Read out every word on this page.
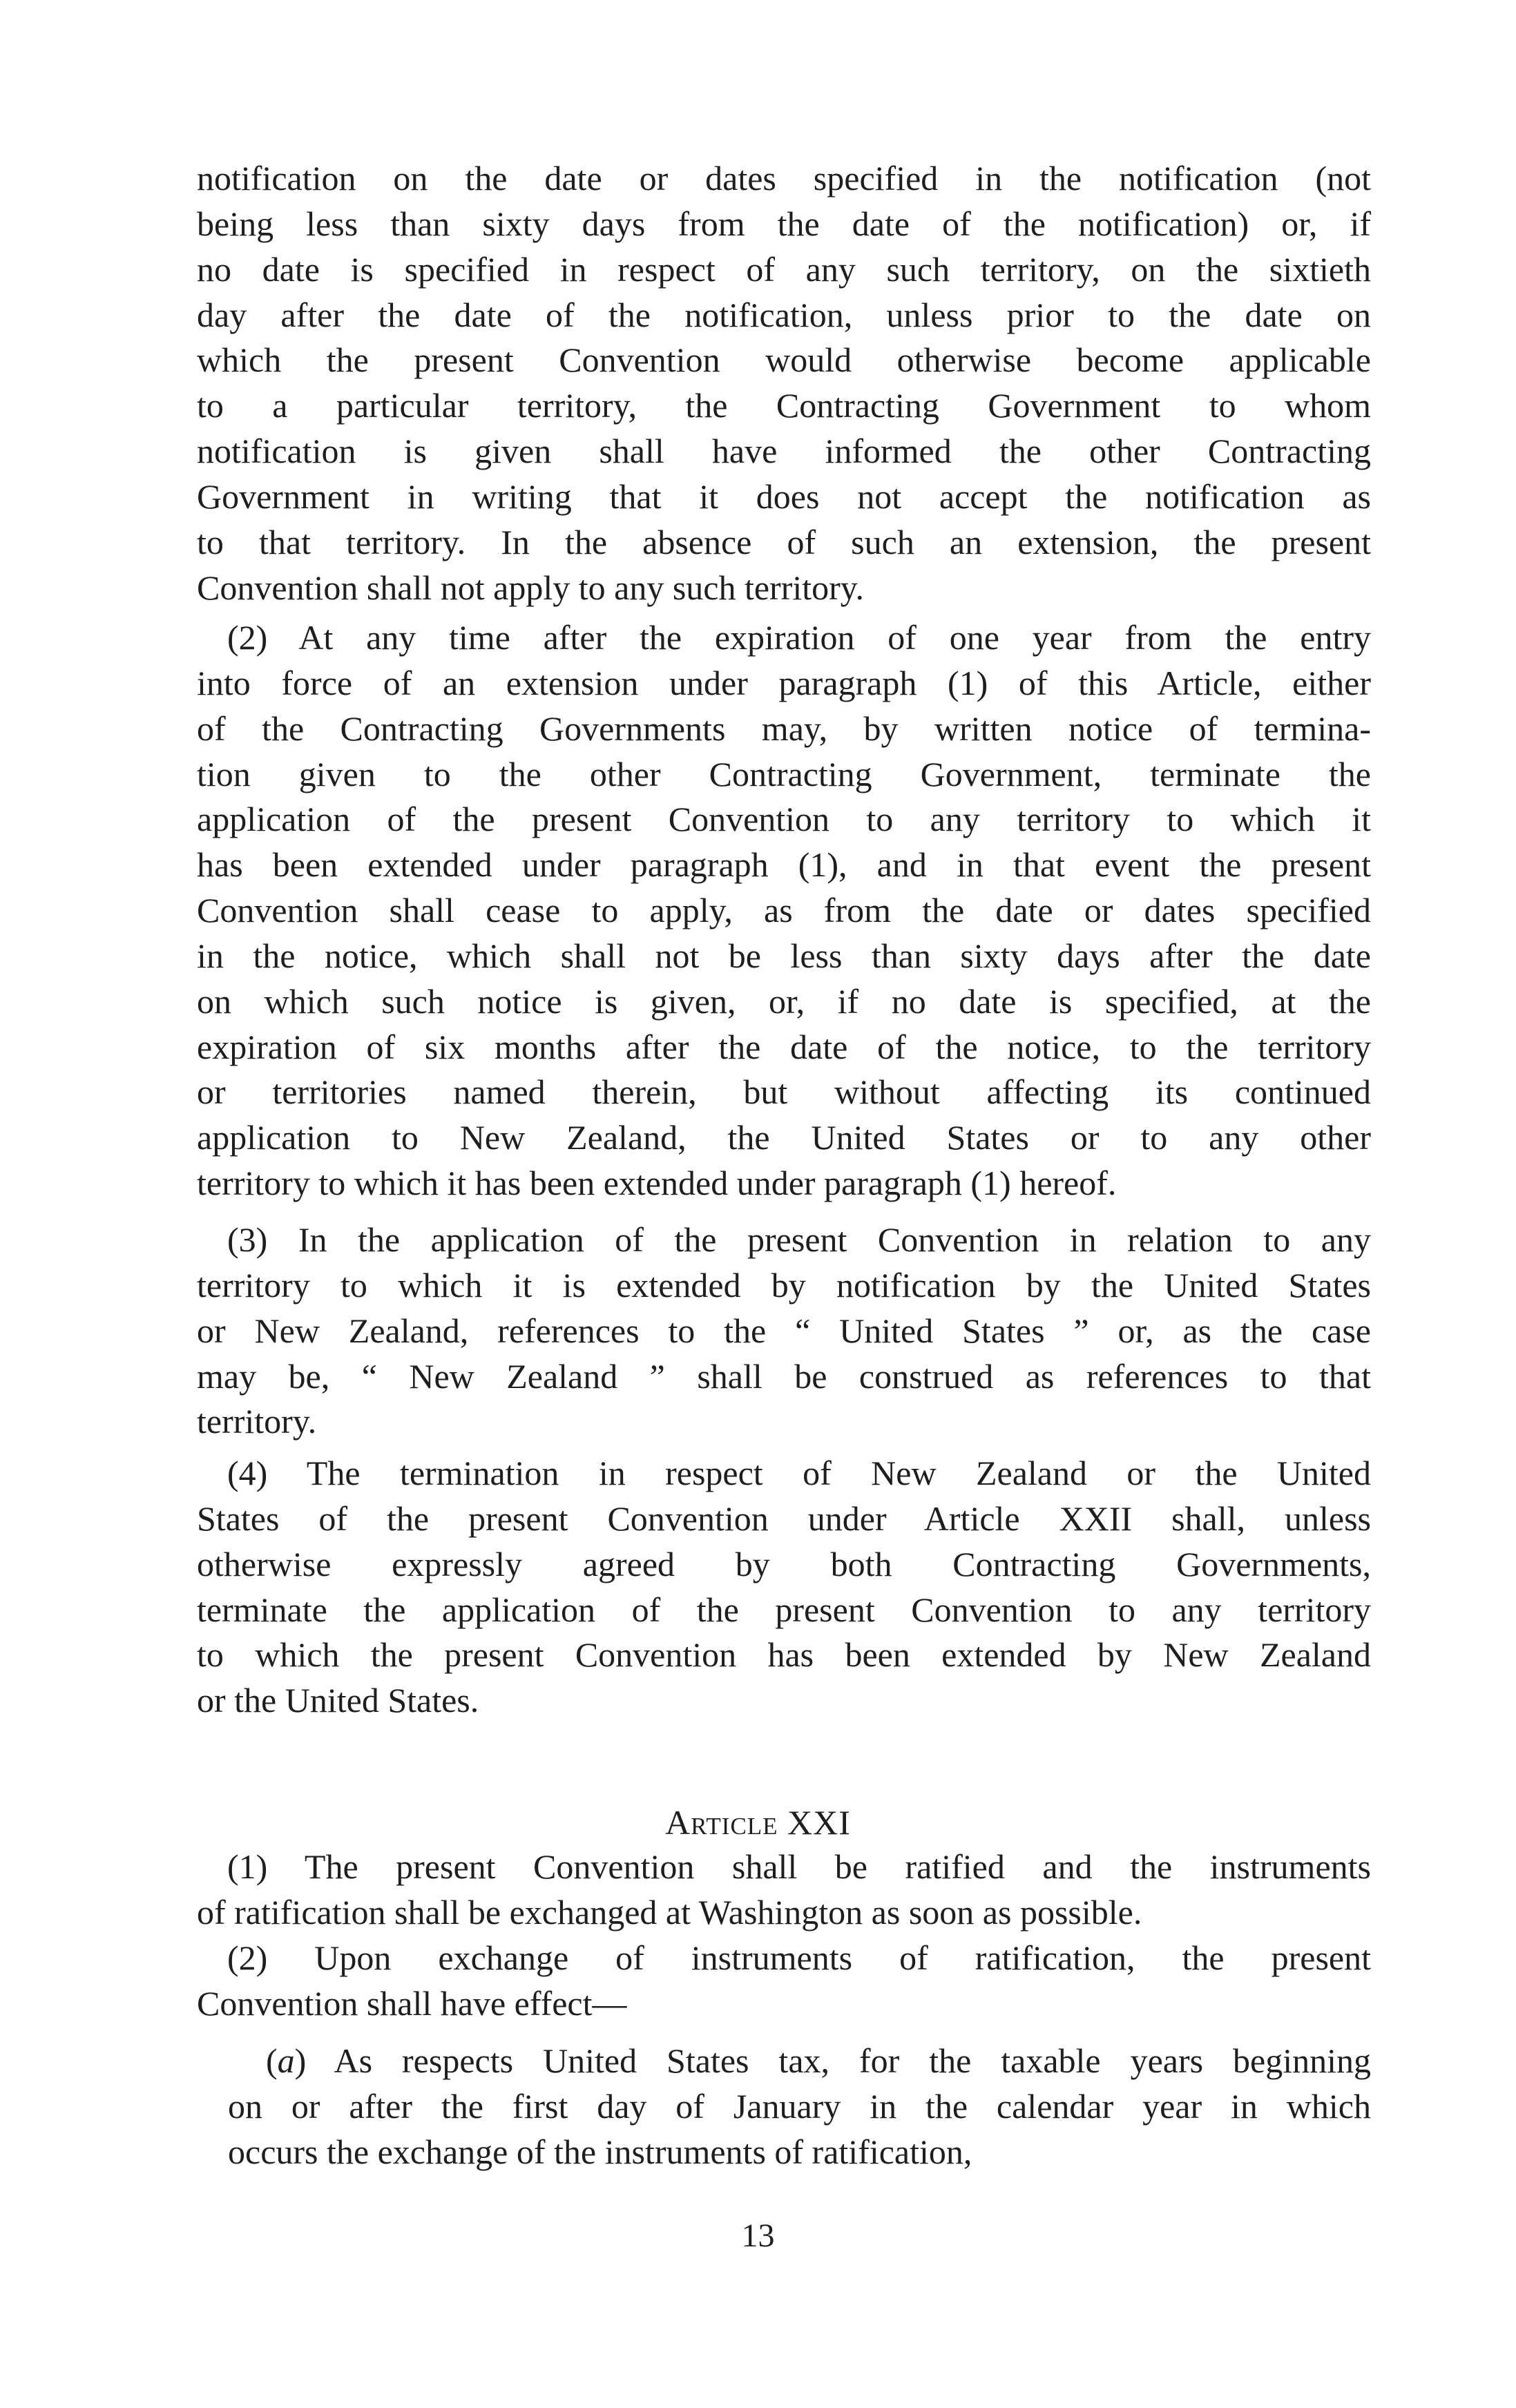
notification on the date or dates specified in the notification (not
being less than sixty days from the date of the notification) or, if
no date is specified in respect of any such territory, on the sixtieth
day after the date of the notification, unless prior to the date on
which the present Convention would otherwise become applicable
to a particular territory, the Contracting Government to whom
notification is given shall have informed the other Contracting
Government in writing that it does not accept the notification as
to that territory. In the absence of such an extension, the present
Convention shall not apply to any such territory.
(2) At any time after the expiration of one year from the entry
into force of an extension under paragraph (1) of this Article, either
of the Contracting Governments may, by written notice of termina-
tion given to the other Contracting Government, terminate the
application of the present Convention to any territory to which it
has been extended under paragraph (1), and in that event the present
Convention shall cease to apply, as from the date or dates specified
in the notice, which shall not be less than sixty days after the date
on which such notice is given, or, if no date is specified, at the
expiration of six months after the date of the notice, to the territory
or territories named therein, but without affecting its continued
application to New Zealand, the United States or to any other
territory to which it has been extended under paragraph (1) hereof.
(3) In the application of the present Convention in relation to any
territory to which it is extended by notification by the United States
or New Zealand, references to the “ United States ” or, as the case
may be, “ New Zealand ” shall be construed as references to that
territory.
(4) The termination in respect of New Zealand or the United
States of the present Convention under Article XXII shall, unless
otherwise expressly agreed by both Contracting Governments,
terminate the application of the present Convention to any territory
to which the present Convention has been extended by New Zealand
or the United States.
Article XXI
(1) The present Convention shall be ratified and the instruments
of ratification shall be exchanged at Washington as soon as possible.
(2) Upon exchange of instruments of ratification, the present
Convention shall have effect—
(a) As respects United States tax, for the taxable years beginning
on or after the first day of January in the calendar year in which
occurs the exchange of the instruments of ratification,
13
